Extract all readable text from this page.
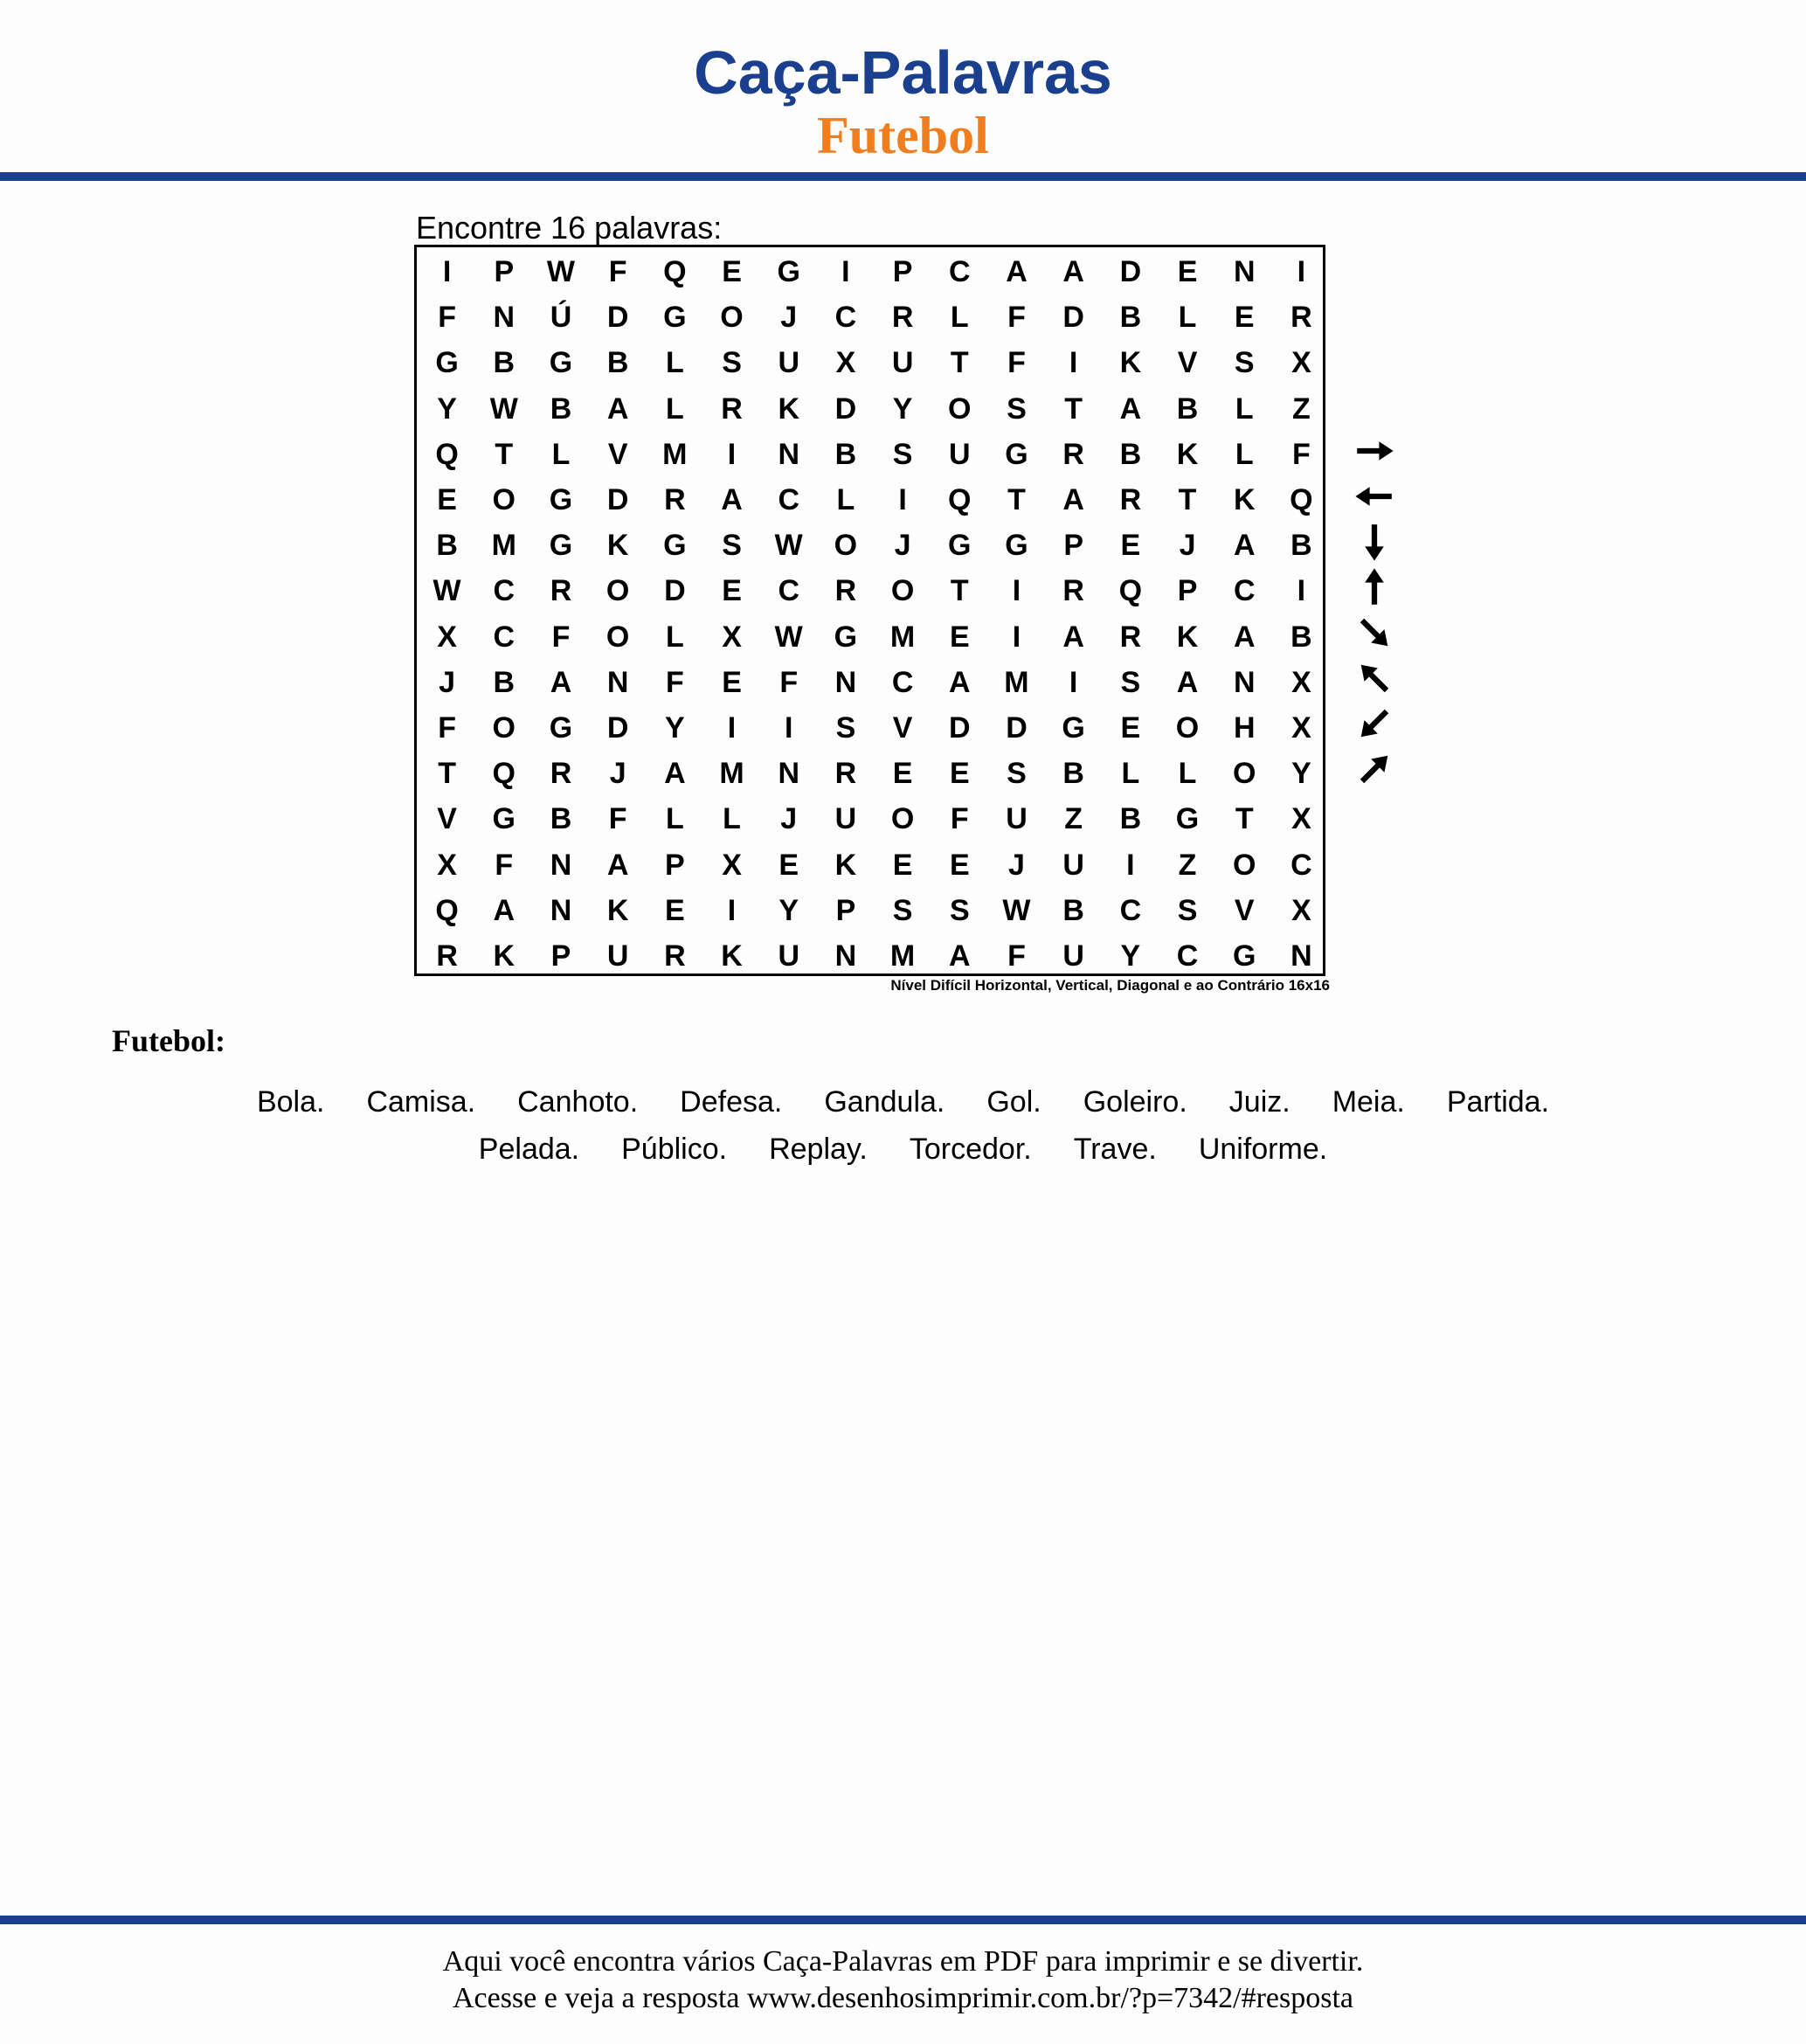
Caça-Palavras
Futebol
Encontre 16 palavras:
I	P	W	F	Q	E	G	I	P	C	A	A	D	E	N	I
F	N	Ú	D	G	O	J	C	R	L	F	D	B	L	E	R
G	B	G	B	L	S	U	X	U	T	F	I	K	V	S	X
Y	W	B	A	L	R	K	D	Y	O	S	T	A	B	L	Z
Q	T	L	V	M	I	N	B	S	U	G	R	B	K	L	F
E	O	G	D	R	A	C	L	I	Q	T	A	R	T	K	Q
B	M	G	K	G	S	W	O	J	G	G	P	E	J	A	B
W	C	R	O	D	E	C	R	O	T	I	R	Q	P	C	I
X	C	F	O	L	X	W	G	M	E	I	A	R	K	A	B
J	B	A	N	F	E	F	N	C	A	M	I	S	A	N	X
F	O	G	D	Y	I	I	S	V	D	D	G	E	O	H	X
T	Q	R	J	A	M	N	R	E	E	S	B	L	L	O	Y
V	G	B	F	L	L	J	U	O	F	U	Z	B	G	T	X
X	F	N	A	P	X	E	K	E	E	J	U	I	Z	O	C
Q	A	N	K	E	I	Y	P	S	S	W	B	C	S	V	X
R	K	P	U	R	K	U	N	M	A	F	U	Y	C	G	N
Nível Difícil Horizontal, Vertical, Diagonal e ao Contrário 16x16
Futebol:
Bola. Camisa. Canhoto. Defesa. Gandula. Gol. Goleiro. Juiz. Meia. Partida.
Pelada. Público. Replay. Torcedor. Trave. Uniforme.
Aqui você encontra vários Caça-Palavras em PDF para imprimir e se divertir.
Acesse e veja a resposta www.desenhosimprimir.com.br/?p=7342/#resposta
